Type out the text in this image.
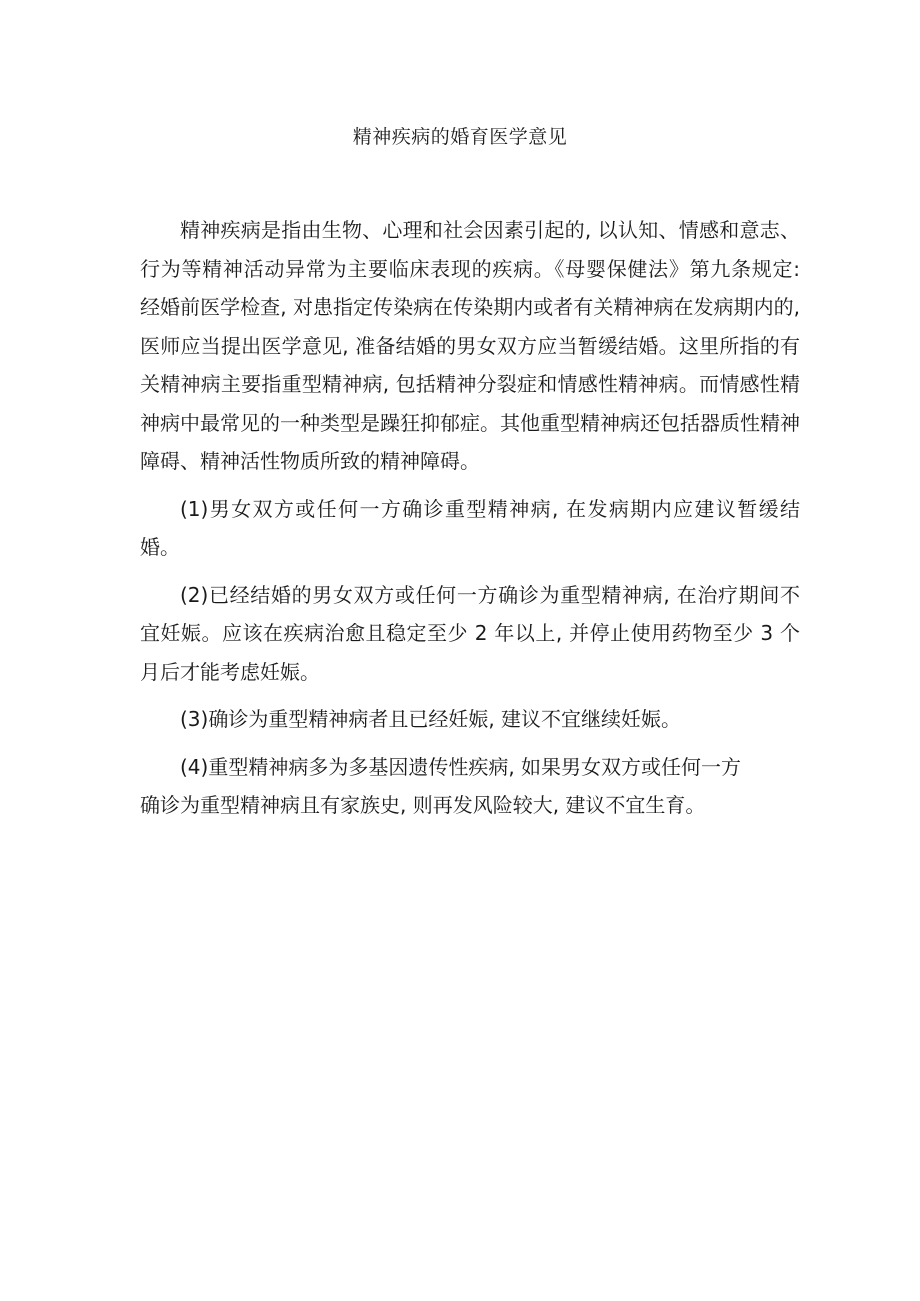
精神疾病的婚育医学意见

精神疾病是指由生物、心理和社会因素引起的, 以认知、情感和意志、行为等精神活动异常为主要临床表现的疾病。《母婴保健法》第九条规定: 经婚前医学检查, 对患指定传染病在传染期内或者有关精神病在发病期内的, 医师应当提出医学意见, 准备结婚的男女双方应当暂缓结婚。这里所指的有关精神病主要指重型精神病, 包括精神分裂症和情感性精神病。而情感性精神病中最常见的一种类型是躁狂抑郁症。其他重型精神病还包括器质性精神障碍、精神活性物质所致的精神障碍。

(1)男女双方或任何一方确诊重型精神病, 在发病期内应建议暂缓结婚。

(2)已经结婚的男女双方或任何一方确诊为重型精神病, 在治疗期间不宜妊娠。应该在疾病治愈且稳定至少 2 年以上, 并停止使用药物至少 3 个月后才能考虑妊娠。

(3)确诊为重型精神病者且已经妊娠, 建议不宜继续妊娠。

(4)重型精神病多为多基因遗传性疾病, 如果男女双方或任何一方

确诊为重型精神病且有家族史, 则再发风险较大, 建议不宜生育。
